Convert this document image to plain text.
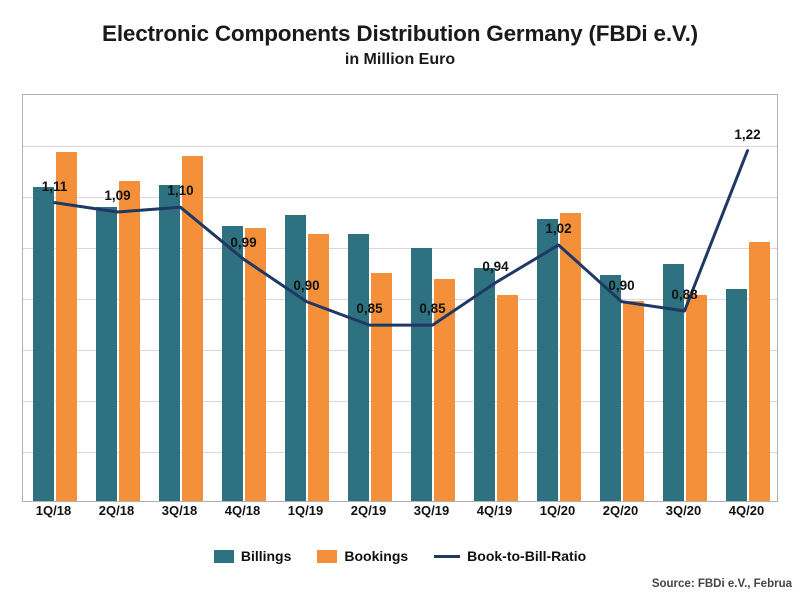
Electronic Components Distribution Germany (FBDi e.V.)
in Million Euro
1,11
1,09	1,10
0,99
0,90
0,85	0,85
0,94
1,02
0,90
0,88
1,22
1Q/18 2Q/18 3Q/18 4Q/18 1Q/19 2Q/19 3Q/19 4Q/19 1Q/20 2Q/20 3Q/20 4Q/20
Billings	Bookings	Book-to-Bill-Ratio
Source: FBDi e.V., Februa
